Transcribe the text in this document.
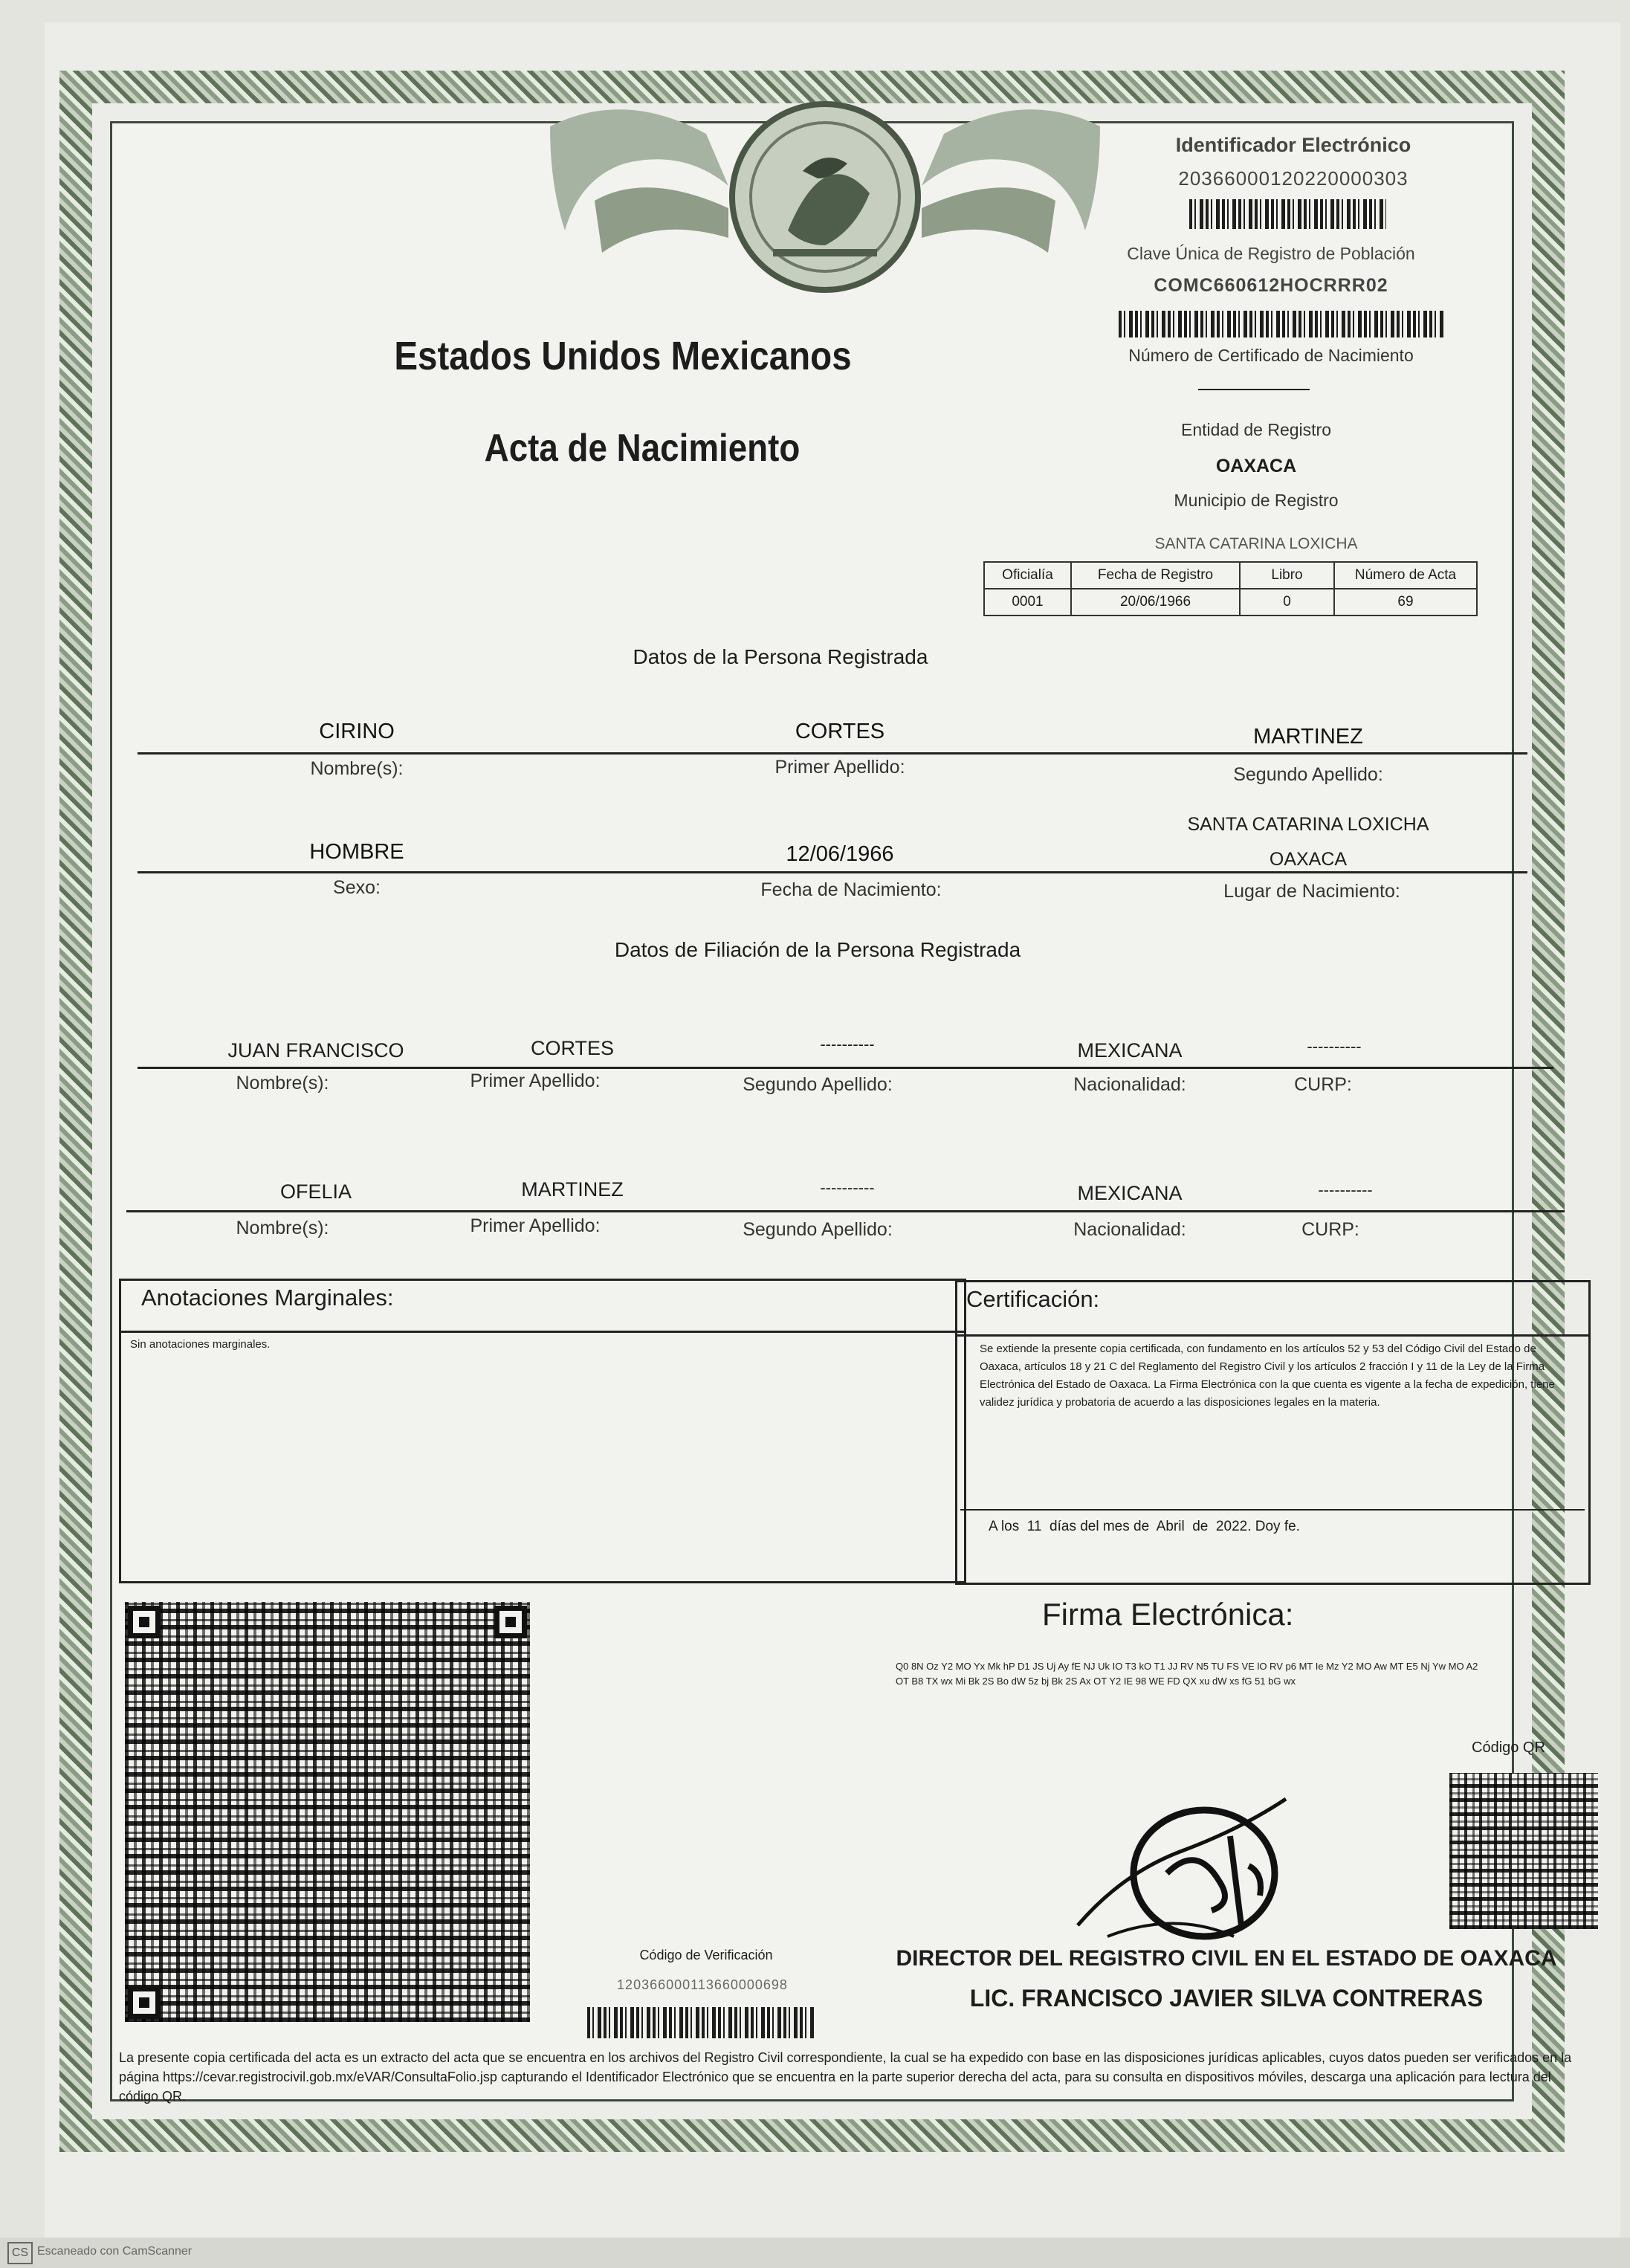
Estados Unidos Mexicanos
Acta de Nacimiento
Identificador Electrónico
20366000120220000303
Clave Única de Registro de Población
COMC660612HOCRRR02
Número de Certificado de Nacimiento
Entidad de Registro
OAXACA
Municipio de Registro
SANTA CATARINA LOXICHA
Oficialía	Fecha de Registro	Libro	Número de Acta
0001	20/06/1966	0	69
Datos de la Persona Registrada
CIRINO	CORTES	MARTINEZ
Nombre(s):	Primer Apellido:	Segundo Apellido:
HOMBRE	12/06/1966
SANTA CATARINA LOXICHA
OAXACA
Sexo:	Fecha de Nacimiento:	Lugar de Nacimiento:
Datos de Filiación de la Persona Registrada
JUAN FRANCISCO	CORTES	----------	MEXICANA	----------
Nombre(s):	Primer Apellido:	Segundo Apellido:	Nacionalidad:	CURP:
OFELIA	MARTINEZ	----------	MEXICANA	----------
Nombre(s):	Primer Apellido:	Segundo Apellido:	Nacionalidad:	CURP:
Anotaciones Marginales:
Sin anotaciones marginales.
Certificación:
Se extiende la presente copia certificada, con fundamento en los artículos 52 y 53 del Código Civil del Estado de Oaxaca, artículos 18 y 21 C del Reglamento del Registro Civil y los artículos 2 fracción I y 11 de la Ley de la Firma Electrónica del Estado de Oaxaca. La Firma Electrónica con la que cuenta es vigente a la fecha de expedición, tiene validez jurídica y probatoria de acuerdo a las disposiciones legales en la materia.
A los  11  días del mes de  Abril  de  2022. Doy fe.
Código de Verificación
120366000113660000698
Firma Electrónica:
Q0 8N Oz Y2 MO Yx Mk hP D1 JS Uj Ay fE NJ Uk IO T3 kO T1 JJ RV N5 TU FS VE lO RV p6 MT Ie Mz Y2 MO Aw MT E5 Nj Yw MO A2 OT B8 TX wx Mi Bk 2S Bo dW 5z bj Bk 2S Ax OT Y2 IE 98 WE FD QX xu dW xs fG 51 bG wx
Código QR
DIRECTOR DEL REGISTRO CIVIL EN EL ESTADO DE OAXACA
LIC. FRANCISCO JAVIER SILVA CONTRERAS
La presente copia certificada del acta es un extracto del acta que se encuentra en los archivos del Registro Civil correspondiente, la cual se ha expedido con base en las disposiciones jurídicas aplicables, cuyos datos pueden ser verificados en la página https://cevar.registrocivil.gob.mx/eVAR/ConsultaFolio.jsp capturando el Identificador Electrónico que se encuentra en la parte superior derecha del acta, para su consulta en dispositivos móviles, descarga una aplicación para lectura del código QR.
CS Escaneado con CamScanner
